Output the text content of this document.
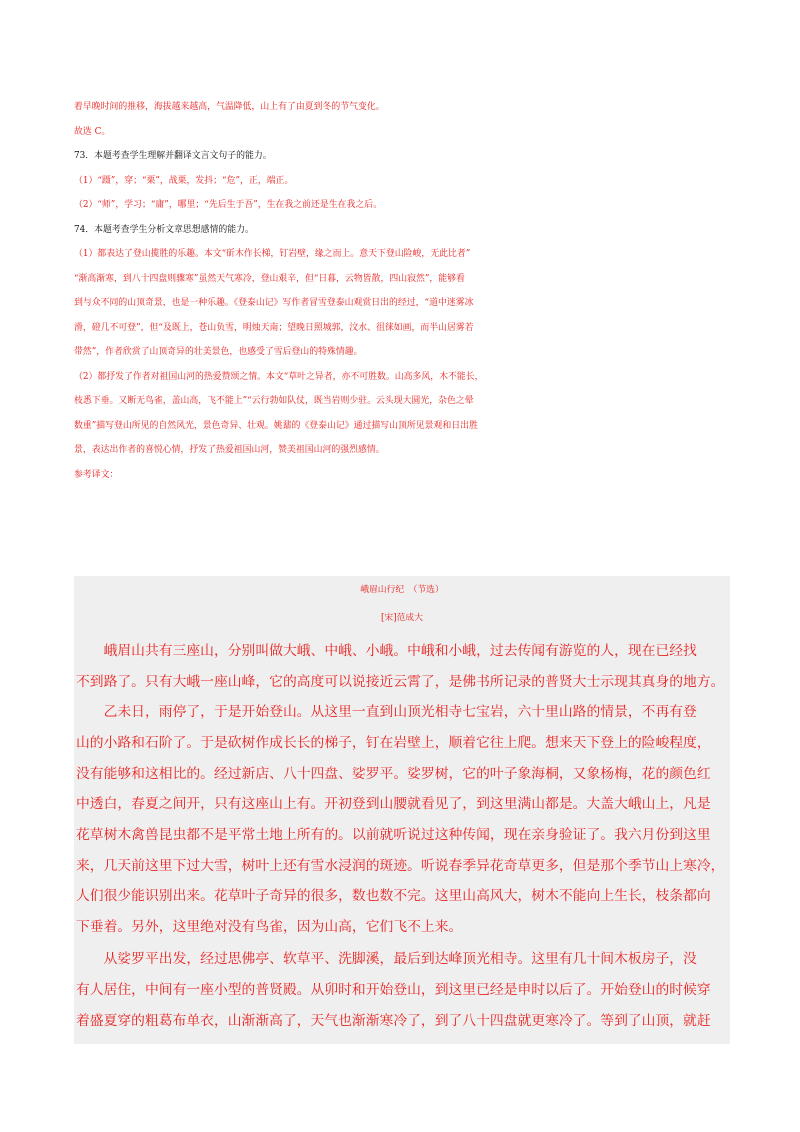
着早晚时间的推移，海拔越来越高，气温降低，山上有了由夏到冬的节气变化。
故选 C。
73．本题考查学生理解并翻译文言文句子的能力。
（1）“蹑”，穿；“栗”，战栗，发抖；“危”，正，端正。
（2）“师”，学习；“庸”，哪里；“先后生于吾”，生在我之前还是生在我之后。
74．本题考查学生分析文章思想感情的能力。
（1）都表达了登山揽胜的乐趣。本文“斫木作长梯，钉岩壁，缘之而上。意天下登山险峻，无此比者”
“渐高渐寒，到八十四盘则骤寒”虽然天气寒冷，登山艰辛，但“日暮，云物皆散，四山寂然”，能够看
到与众不同的山顶奇景，也是一种乐趣。《登泰山记》写作者冒雪登泰山观赏日出的经过，“道中迷雾冰
滑，磴几不可登”，但“及既上，苍山负雪，明烛天南；望晚日照城郭，汶水、徂徕如画，而半山居雾若
带然”，作者欣赏了山顶奇异的壮美景色，也感受了雪后登山的特殊情趣。
（2）都抒发了作者对祖国山河的热爱赞颂之情。本文“草叶之异者，亦不可胜数。山高多风，木不能长，
枝悉下垂。又断无鸟雀，盖山高，飞不能上”“云行勃如队仗，既当岩则少驻。云头现大圆光，杂色之晕
数重”描写登山所见的自然风光，景色奇异、壮观。姚鼐的《登泰山记》通过描写山顶所见景观和日出胜
景，表达出作者的喜悦心情，抒发了热爱祖国山河，赞美祖国山河的强烈感情。
参考译文：
峨眉山行纪　（节选）
[宋]范成大
　　峨眉山共有三座山，分别叫做大峨、中峨、小峨。中峨和小峨，过去传闻有游览的人，现在已经找
不到路了。只有大峨一座山峰，它的高度可以说接近云霄了，是佛书所记录的普贤大士示现其真身的地方。
　　乙未日，雨停了，于是开始登山。从这里一直到山顶光相寺七宝岩，六十里山路的情景，不再有登
山的小路和石阶了。于是砍树作成长长的梯子，钉在岩壁上，顺着它往上爬。想来天下登上的险峻程度，
没有能够和这相比的。经过新店、八十四盘、娑罗平。娑罗树，它的叶子象海桐，又象杨梅，花的颜色红
中透白，春夏之间开，只有这座山上有。开初登到山腰就看见了，到这里满山都是。大盖大峨山上，凡是
花草树木禽兽昆虫都不是平常土地上所有的。以前就听说过这种传闻，现在亲身验证了。我六月份到这里
来，几天前这里下过大雪，树叶上还有雪水浸润的斑迹。听说春季异花奇草更多，但是那个季节山上寒冷，
人们很少能识别出来。花草叶子奇异的很多，数也数不完。这里山高风大，树木不能向上生长，枝条都向
下垂着。另外，这里绝对没有鸟雀，因为山高，它们飞不上来。
　　从娑罗平出发，经过思佛亭、软草平、洗脚溪，最后到达峰顶光相寺。这里有几十间木板房子，没
有人居住，中间有一座小型的普贤殿。从卯时和开始登山，到这里已经是申时以后了。开始登山的时候穿
着盛夏穿的粗葛布单衣，山渐渐高了，天气也渐渐寒冷了，到了八十四盘就更寒冷了。等到了山顶，就赶
